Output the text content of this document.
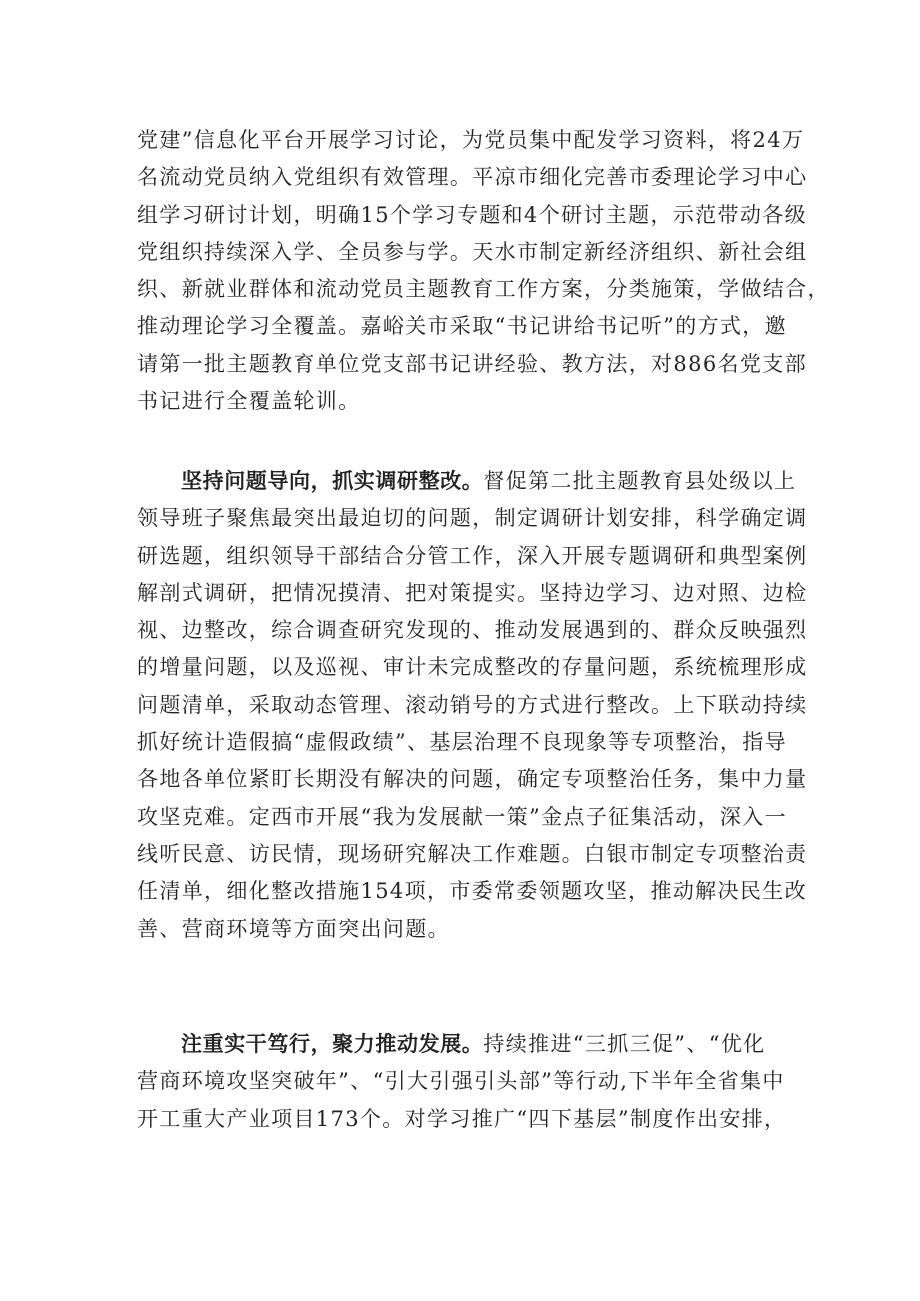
党建”信息化平台开展学习讨论，为党员集中配发学习资料，将24万
名流动党员纳入党组织有效管理。平凉市细化完善市委理论学习中心
组学习研讨计划，明确15个学习专题和4个研讨主题，示范带动各级
党组织持续深入学、全员参与学。天水市制定新经济组织、新社会组
织、新就业群体和流动党员主题教育工作方案，分类施策，学做结合，
推动理论学习全覆盖。嘉峪关市采取“书记讲给书记听”的方式，邀
请第一批主题教育单位党支部书记讲经验、教方法，对886名党支部
书记进行全覆盖轮训。
坚持问题导向，抓实调研整改。督促第二批主题教育县处级以上
领导班子聚焦最突出最迫切的问题，制定调研计划安排，科学确定调
研选题，组织领导干部结合分管工作，深入开展专题调研和典型案例
解剖式调研，把情况摸清、把对策提实。坚持边学习、边对照、边检
视、边整改，综合调查研究发现的、推动发展遇到的、群众反映强烈
的增量问题，以及巡视、审计未完成整改的存量问题，系统梳理形成
问题清单，采取动态管理、滚动销号的方式进行整改。上下联动持续
抓好统计造假搞“虚假政绩”、基层治理不良现象等专项整治，指导
各地各单位紧盯长期没有解决的问题，确定专项整治任务，集中力量
攻坚克难。定西市开展“我为发展献一策”金点子征集活动，深入一
线听民意、访民情，现场研究解决工作难题。白银市制定专项整治责
任清单，细化整改措施154项，市委常委领题攻坚，推动解决民生改
善、营商环境等方面突出问题。
注重实干笃行，聚力推动发展。持续推进“三抓三促”、“优化
营商环境攻坚突破年”、“引大引强引头部”等行动,下半年全省集中
开工重大产业项目173个。对学习推广“四下基层”制度作出安排，
